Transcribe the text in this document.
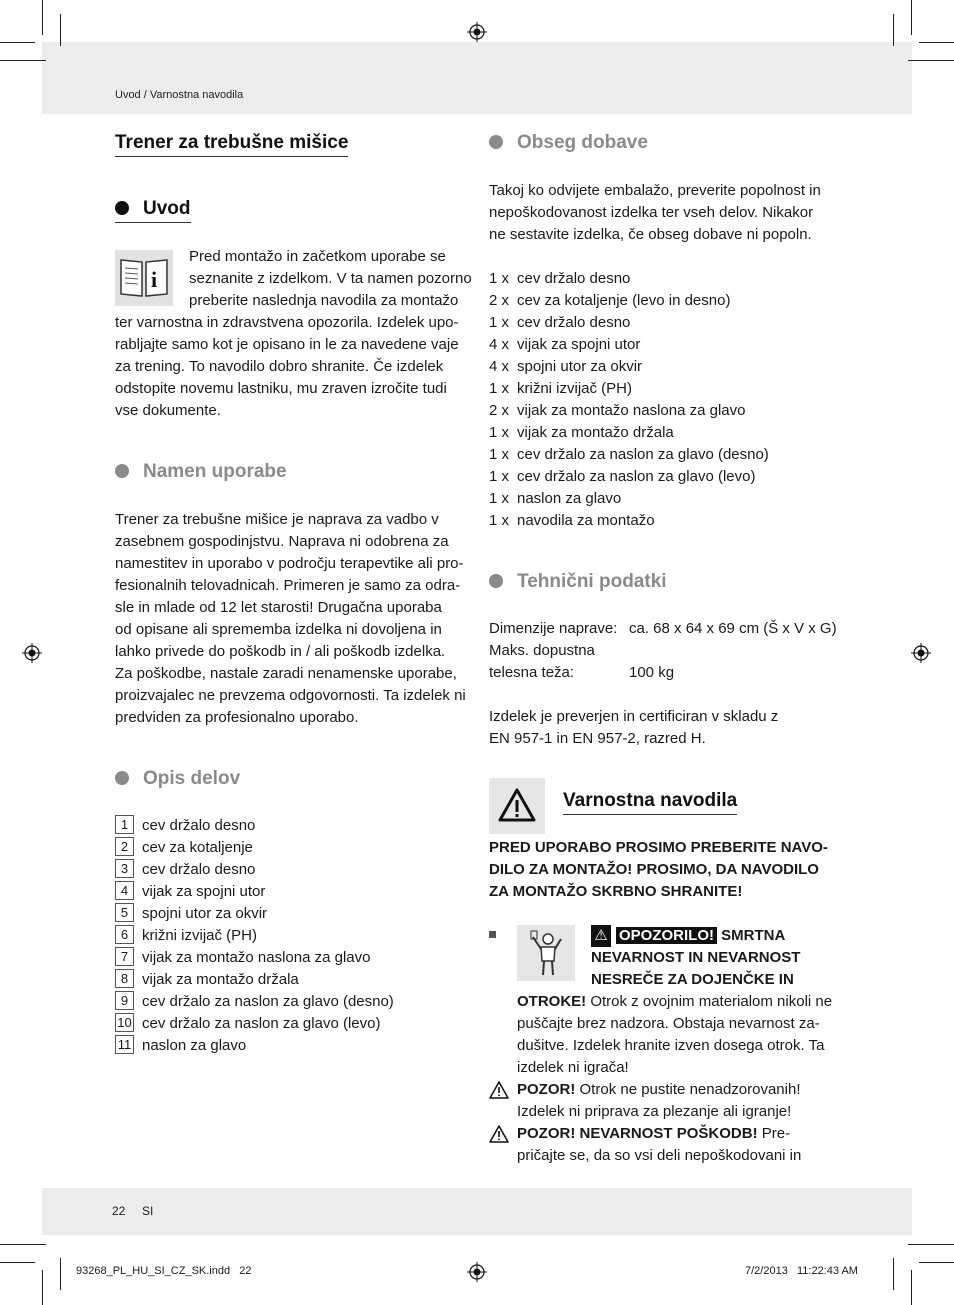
Uvod / Varnostna navodila
Trener za trebušne mišice
Uvod
i
Pred montažo in začetkom uporabe se
seznanite z izdelkom. V ta namen pozorno
preberite naslednja navodila za montažo
ter varnostna in zdravstvena opozorila. Izdelek upo-
rabljajte samo kot je opisano in le za navedene vaje
za trening. To navodilo dobro shranite. Če izdelek
odstopite novemu lastniku, mu zraven izročite tudi
vse dokumente.
Namen uporabe
Trener za trebušne mišice je naprava za vadbo v
zasebnem gospodinjstvu. Naprava ni odobrena za
namestitev in uporabo v področju terapevtike ali pro-
fesionalnih telovadnicah. Primeren je samo za odra-
sle in mlade od 12 let starosti! Drugačna uporaba
od opisane ali sprememba izdelka ni dovoljena in
lahko privede do poškodb in / ali poškodb izdelka.
Za poškodbe, nastale zaradi nenamenske uporabe,
proizvajalec ne prevzema odgovornosti. Ta izdelek ni
predviden za profesionalno uporabo.
Opis delov
1 cev držalo desno
2 cev za kotaljenje
3 cev držalo desno
4 vijak za spojni utor
5 spojni utor za okvir
6 križni izvijač (PH)
7 vijak za montažo naslona za glavo
8 vijak za montažo držala
9 cev držalo za naslon za glavo (desno)
10 cev držalo za naslon za glavo (levo)
11 naslon za glavo
Obseg dobave
Takoj ko odvijete embalažo, preverite popolnost in
nepoškodovanost izdelka ter vseh delov. Nikakor
ne sestavite izdelka, če obseg dobave ni popoln.
1 x cev držalo desno
2 x cev za kotaljenje (levo in desno)
1 x cev držalo desno
4 x vijak za spojni utor
4 x spojni utor za okvir
1 x križni izvijač (PH)
2 x vijak za montažo naslona za glavo
1 x vijak za montažo držala
1 x cev držalo za naslon za glavo (desno)
1 x cev držalo za naslon za glavo (levo)
1 x naslon za glavo
1 x navodila za montažo
Tehnični podatki
Dimenzije naprave: ca. 68 x 64 x 69 cm (Š x V x G)
Maks. dopustna
telesna teža:	100 kg
Izdelek je preverjen in certificiran v skladu z
EN 957-1 in EN 957-2, razred H.
Varnostna navodila
PRED UPORABO PROSIMO PREBERITE NAVO-
DILO ZA MONTAŽO! PROSIMO, DA NAVODILO
ZA MONTAŽO SKRBNO SHRANITE!
⚠ OPOZORILO! SMRTNA
NEVARNOST IN NEVARNOST
NESREČE ZA DOJENČKE IN
OTROKE! Otrok z ovojnim materialom nikoli ne
puščajte brez nadzora. Obstaja nevarnost za-
dušitve. Izdelek hranite izven dosega otrok. Ta
izdelek ni igrača!
POZOR! Otrok ne pustite nenadzorovanih!
Izdelek ni priprava za plezanje ali igranje!
POZOR! NEVARNOST POŠKODB! Pre-
pričajte se, da so vsi deli nepoškodovani in
22 SI
93268_PL_HU_SI_CZ_SK.indd   22	7/2/2013   11:22:43 AM
